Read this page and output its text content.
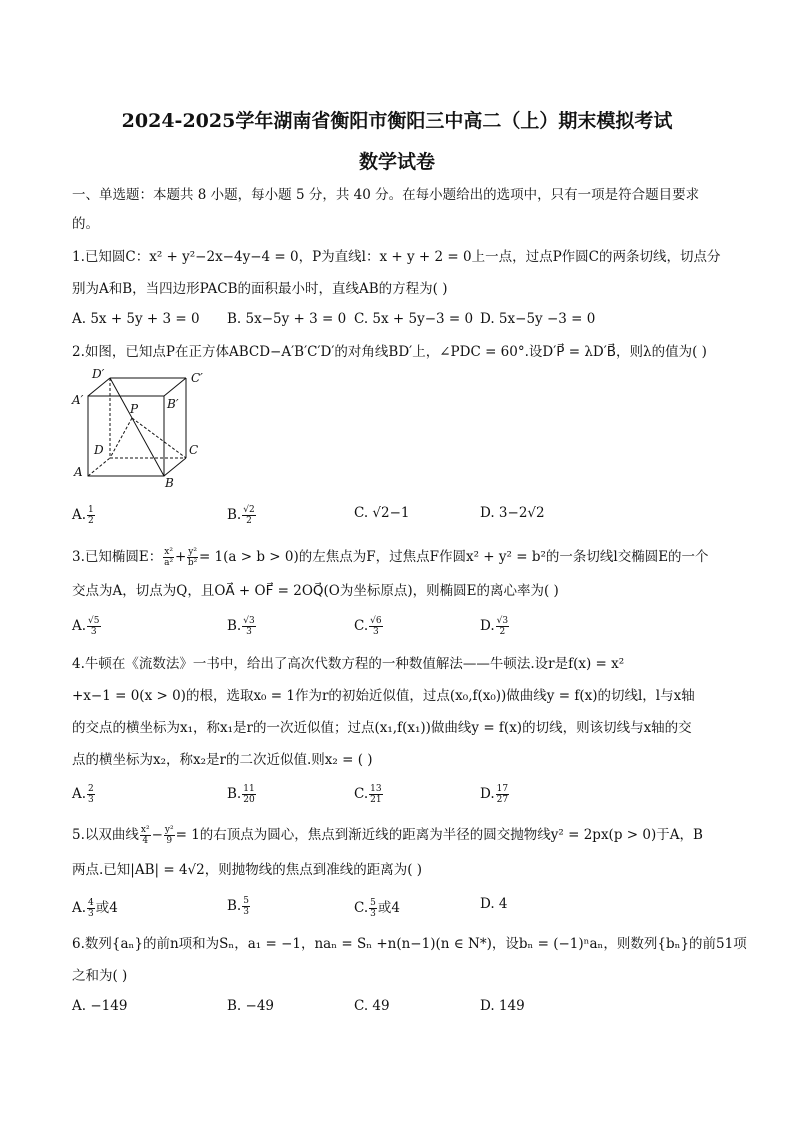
2024-2025学年湖南省衡阳市衡阳三中高二（上）期末模拟考试
数学试卷
一、单选题：本题共 8 小题，每小题 5 分，共 40 分。在每小题给出的选项中，只有一项是符合题目要求
的。
1.已知圆C：x² + y²−2x−4y−4 = 0，P为直线l：x + y + 2 = 0上一点，过点P作圆C的两条切线，切点分
别为A和B，当四边形PACB的面积最小时，直线AB的方程为( )
A. 5x + 5y + 3 = 0 B. 5x−5y + 3 = 0 C. 5x + 5y−3 = 0 D. 5x−5y −3 = 0
2.如图，已知点P在正方体ABCD−A′B′C′D′的对角线BD′上，∠PDC = 60°.设D′P⃗ = λD′B⃗，则λ的值为( )
D′	C′
A′	B′
P
D	C
A
B
A. $\frac{1}{2}$	B. $\frac{√2}{2}$	C. √2−1	D. 3−2√2
3.已知椭圆E： $\frac{\text{x²}}{\text{a²}} + \frac{\text{y²}}{\text{b²}} = 1(a > b > 0)$的左焦点为F，过焦点F作圆x² + y² = b²的一条切线l交椭圆E的一个
交点为A，切点为Q，且OA⃗ + OF⃗ = 2OQ⃗(O为坐标原点)，则椭圆E的离心率为( )
A. $\frac{√5}{3}$	B. $\frac{√3}{3}$	C. $\frac{√6}{3}$	D. $\frac{√3}{2}$
4.牛顿在《流数法》一书中，给出了高次代数方程的一种数值解法——牛顿法.设r是f(x) = x²
+x−1 = 0(x > 0)的根，选取x₀ = 1作为r的初始近似值，过点(x₀,f(x₀))做曲线y = f(x)的切线l，l与x轴
的交点的横坐标为x₁，称x₁是r的一次近似值；过点(x₁,f(x₁))做曲线y = f(x)的切线，则该切线与x轴的交
点的横坐标为x₂，称x₂是r的二次近似值.则x₂ = ( )
A. $\frac{2}{3}$	B. $\frac{11}{20}$	C. $\frac{13}{21}$	D. $\frac{17}{27}$
5.以双曲线 $\frac{\text{x²}}{4} - \frac{\text{y²}}{9} = 1$的右顶点为圆心，焦点到渐近线的距离为半径的圆交抛物线y² = 2px(p > 0)于A，B
两点.已知|AB| = 4√2，则抛物线的焦点到准线的距离为( )
A. $\frac{4}{3}$ 或4	B. $\frac{5}{3}$	C. $\frac{5}{3}$ 或4	D. 4
6.数列{aₙ}的前n项和为Sₙ，a₁ = −1，naₙ = Sₙ +n(n−1)(n ∈ N*)，设bₙ = (−1)ⁿaₙ，则数列{bₙ}的前51项
之和为( )
A. −149	B. −49	C. 49	D. 149
